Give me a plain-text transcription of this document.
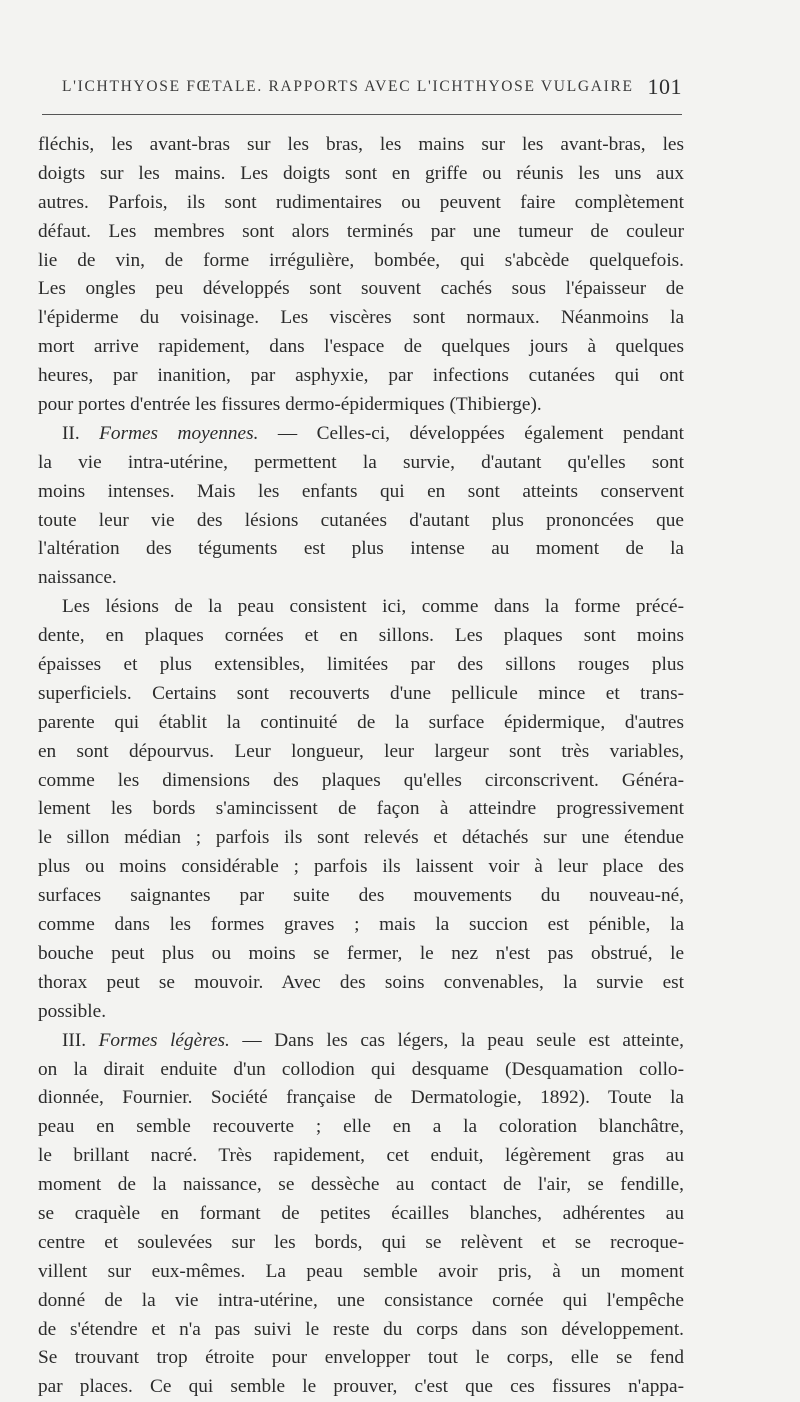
L'ICHTHYOSE FŒTALE. RAPPORTS AVEC L'ICHTHYOSE VULGAIRE 101
fléchis, les avant-bras sur les bras, les mains sur les avant-bras, les
doigts sur les mains. Les doigts sont en griffe ou réunis les uns aux
autres. Parfois, ils sont rudimentaires ou peuvent faire complètement
défaut. Les membres sont alors terminés par une tumeur de couleur
lie de vin, de forme irrégulière, bombée, qui s'abcède quelquefois.
Les ongles peu développés sont souvent cachés sous l'épaisseur de
l'épiderme du voisinage. Les viscères sont normaux. Néanmoins la
mort arrive rapidement, dans l'espace de quelques jours à quelques
heures, par inanition, par asphyxie, par infections cutanées qui ont
pour portes d'entrée les fissures dermo-épidermiques (Thibierge).
II. Formes moyennes. — Celles-ci, développées également pendant
la vie intra-utérine, permettent la survie, d'autant qu'elles sont
moins intenses. Mais les enfants qui en sont atteints conservent
toute leur vie des lésions cutanées d'autant plus prononcées que
l'altération des téguments est plus intense au moment de la
naissance.
Les lésions de la peau consistent ici, comme dans la forme précé-
dente, en plaques cornées et en sillons. Les plaques sont moins
épaisses et plus extensibles, limitées par des sillons rouges plus
superficiels. Certains sont recouverts d'une pellicule mince et trans-
parente qui établit la continuité de la surface épidermique, d'autres
en sont dépourvus. Leur longueur, leur largeur sont très variables,
comme les dimensions des plaques qu'elles circonscrivent. Généra-
lement les bords s'amincissent de façon à atteindre progressivement
le sillon médian ; parfois ils sont relevés et détachés sur une étendue
plus ou moins considérable ; parfois ils laissent voir à leur place des
surfaces saignantes par suite des mouvements du nouveau-né,
comme dans les formes graves ; mais la succion est pénible, la
bouche peut plus ou moins se fermer, le nez n'est pas obstrué, le
thorax peut se mouvoir. Avec des soins convenables, la survie est
possible.
III. Formes légères. — Dans les cas légers, la peau seule est atteinte,
on la dirait enduite d'un collodion qui desquame (Desquamation collo-
dionnée, Fournier. Société française de Dermatologie, 1892). Toute la
peau en semble recouverte ; elle en a la coloration blanchâtre,
le brillant nacré. Très rapidement, cet enduit, légèrement gras au
moment de la naissance, se dessèche au contact de l'air, se fendille,
se craquèle en formant de petites écailles blanches, adhérentes au
centre et soulevées sur les bords, qui se relèvent et se recroque-
villent sur eux-mêmes. La peau semble avoir pris, à un moment
donné de la vie intra-utérine, une consistance cornée qui l'empêche
de s'étendre et n'a pas suivi le reste du corps dans son développement.
Se trouvant trop étroite pour envelopper tout le corps, elle se fend
par places. Ce qui semble le prouver, c'est que ces fissures n'appa-
